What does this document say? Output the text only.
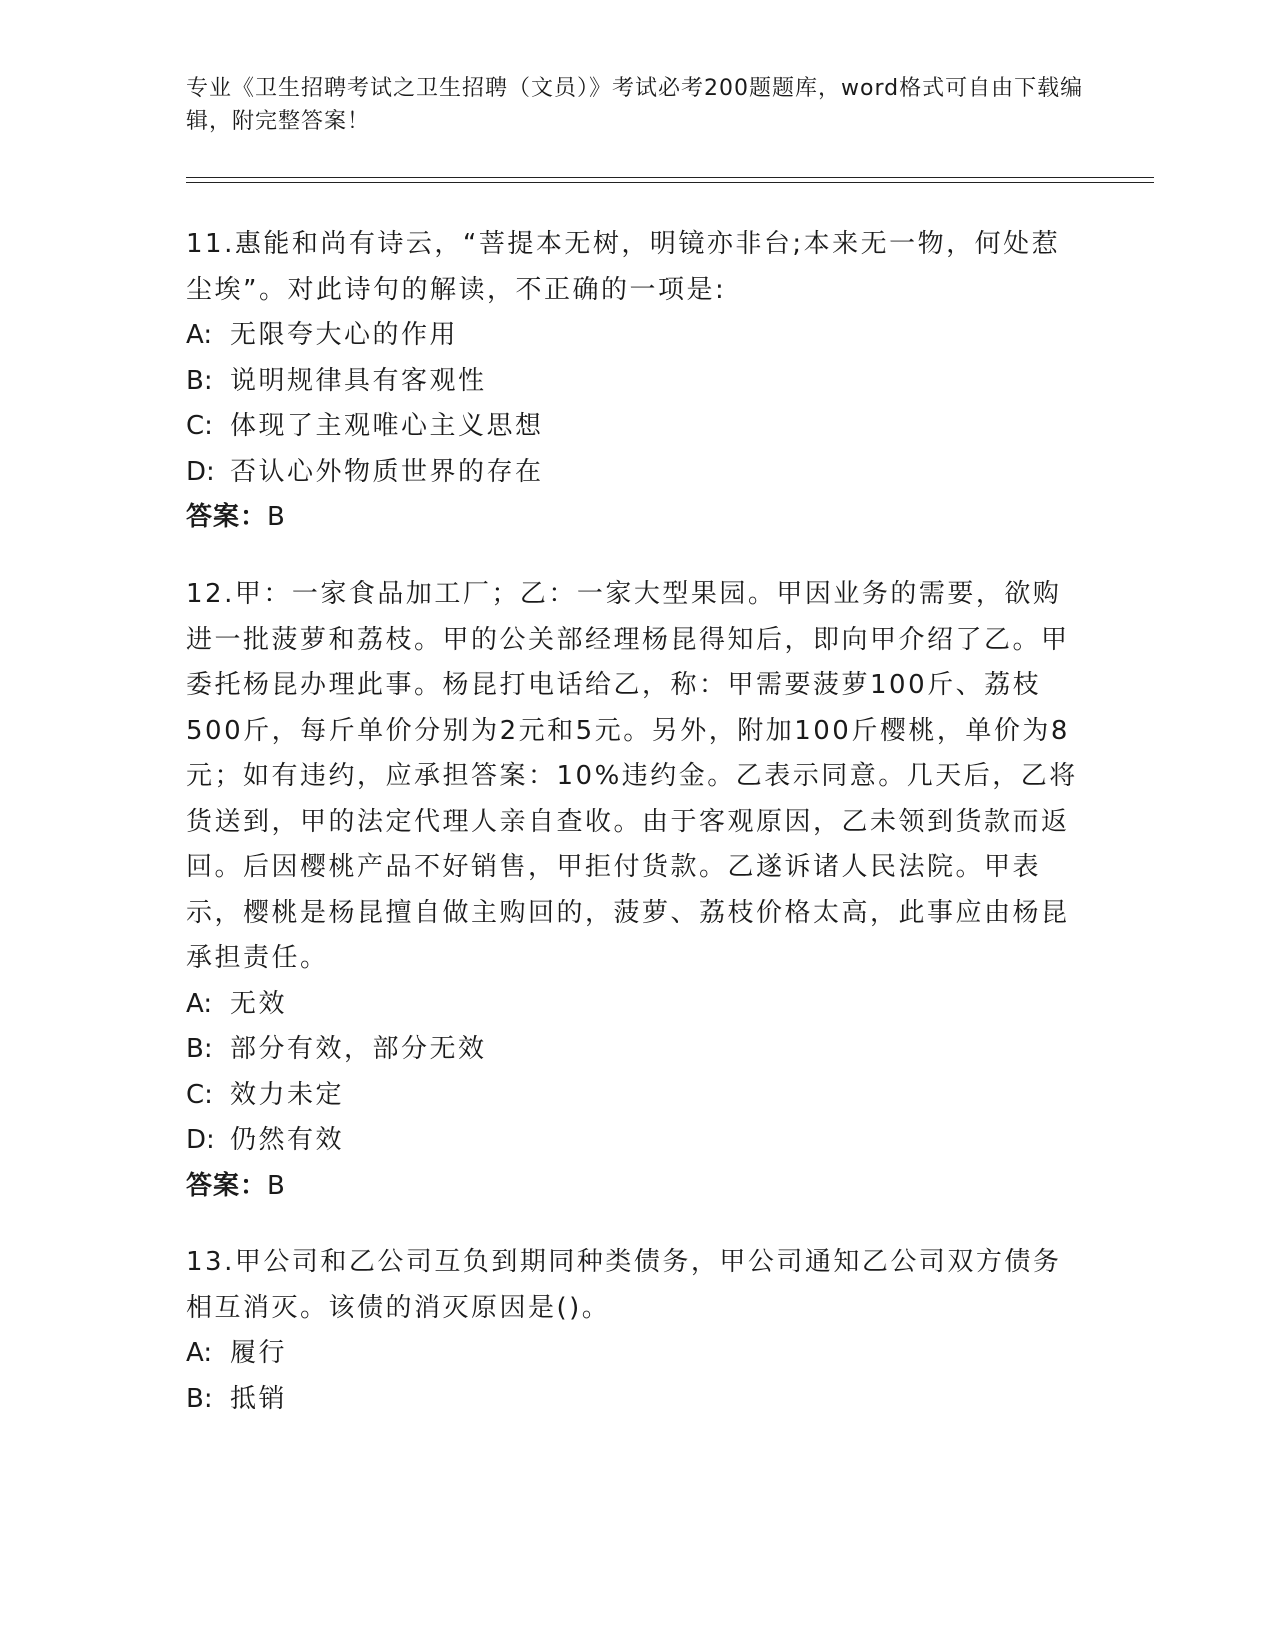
专业《卫生招聘考试之卫生招聘（文员）》考试必考200题题库，word格式可自由下载编辑，附完整答案！
11.惠能和尚有诗云，“菩提本无树，明镜亦非台;本来无一物，何处惹尘埃”。对此诗句的解读，不正确的一项是:
A: 无限夸大心的作用
B: 说明规律具有客观性
C: 体现了主观唯心主义思想
D: 否认心外物质世界的存在
答案：B
12.甲：一家食品加工厂；乙：一家大型果园。甲因业务的需要，欲购进一批菠萝和荔枝。甲的公关部经理杨昆得知后，即向甲介绍了乙。甲委托杨昆办理此事。杨昆打电话给乙，称：甲需要菠萝100斤、荔枝500斤，每斤单价分别为2元和5元。另外，附加100斤樱桃，单价为8元；如有违约，应承担答案：10%违约金。乙表示同意。几天后，乙将货送到，甲的法定代理人亲自查收。由于客观原因，乙未领到货款而返回。后因樱桃产品不好销售，甲拒付货款。乙遂诉诸人民法院。甲表示，樱桃是杨昆擅自做主购回的，菠萝、荔枝价格太高，此事应由杨昆承担责任。
A: 无效
B: 部分有效，部分无效
C: 效力未定
D: 仍然有效
答案：B
13.甲公司和乙公司互负到期同种类债务，甲公司通知乙公司双方债务相互消灭。该债的消灭原因是()。
A: 履行
B: 抵销
